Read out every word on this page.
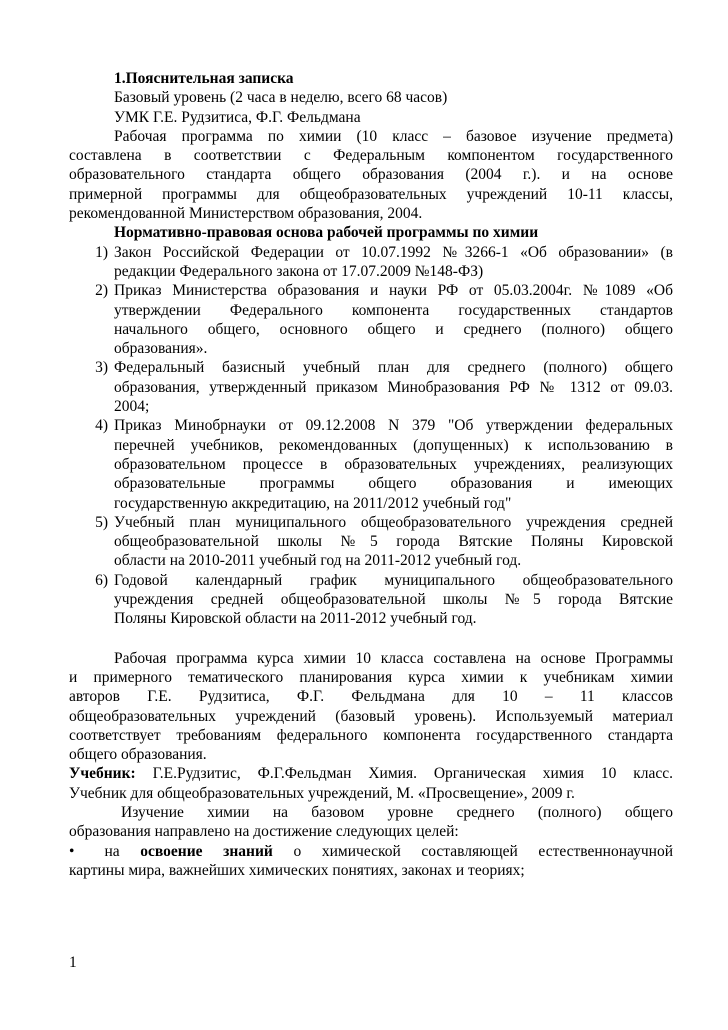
1.Пояснительная записка
Базовый уровень (2 часа в неделю, всего 68 часов)
УМК Г.Е. Рудзитиса, Ф.Г. Фельдмана
Рабочая программа по химии (10 класс – базовое изучение предмета)
составлена в соответствии с Федеральным компонентом государственного
образовательного стандарта общего образования (2004 г.). и на основе
примерной программы для общеобразовательных учреждений 10-11 классы,
рекомендованной Министерством образования, 2004.
Нормативно-правовая основа рабочей программы по химии
1) Закон Российской Федерации от 10.07.1992 №3266-1 «Об образовании» (в
редакции Федерального закона от 17.07.2009 №148-ФЗ)
2) Приказ Министерства образования и науки РФ от 05.03.2004г. №1089 «Об
утверждении Федерального компонента государственных стандартов
начального общего, основного общего и среднего (полного) общего
образования».
3) Федеральный базисный учебный план для среднего (полного) общего
образования, утвержденный приказом Минобразования РФ № 1312 от 09.03.
2004;
4) Приказ Минобрнауки от 09.12.2008 N 379 "Об утверждении федеральных
перечней учебников, рекомендованных (допущенных) к использованию в
образовательном процессе в образовательных учреждениях, реализующих
образовательные программы общего образования и имеющих
государственную аккредитацию, на 2011/2012 учебный год"
5) Учебный план муниципального общеобразовательного учреждения средней
общеобразовательной школы №5 города Вятские Поляны Кировской
области на 2010-2011 учебный год на 2011-2012 учебный год.
6) Годовой календарный график муниципального общеобразовательного
учреждения средней общеобразовательной школы №5 города Вятские
Поляны Кировской области на 2011-2012 учебный год.
Рабочая программа курса химии 10 класса составлена на основе Программы
и примерного тематического планирования курса химии к учебникам химии
авторов Г.Е. Рудзитиса, Ф.Г. Фельдмана для 10 – 11 классов
общеобразовательных учреждений (базовый уровень). Используемый материал
соответствует требованиям федерального компонента государственного стандарта
общего образования.
Учебник: Г.Е.Рудзитис, Ф.Г.Фельдман Химия. Органическая химия 10 класс.
Учебник для общеобразовательных учреждений, М. «Просвещение», 2009 г.
Изучение химии на базовом уровне среднего (полного) общего
образования направлено на достижение следующих целей:
• на освоение знаний о химической составляющей естественнонаучной
картины мира, важнейших химических понятиях, законах и теориях;
1
